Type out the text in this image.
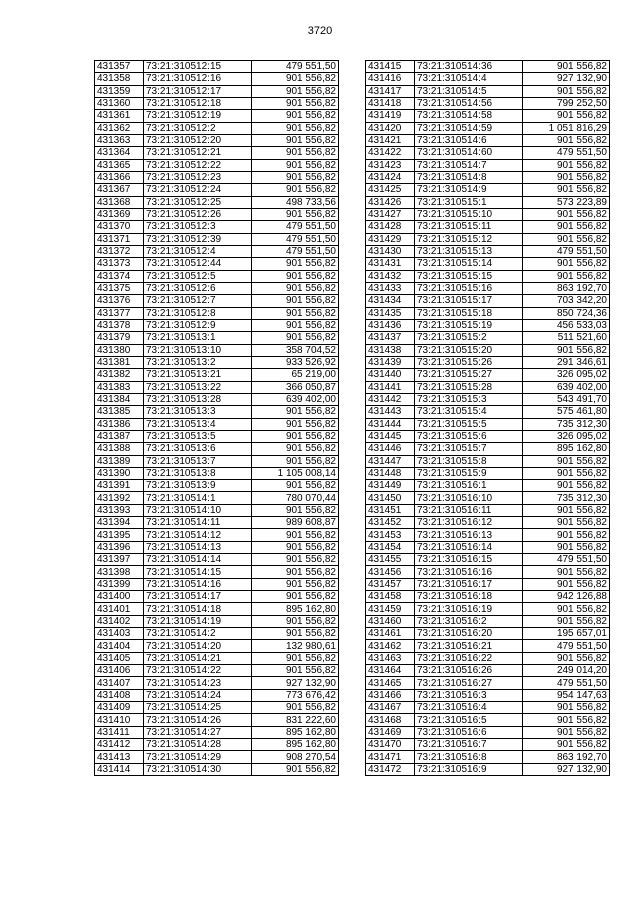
3720
431357	73:21:310512:15	479 551,50
431358	73:21:310512:16	901 556,82
431359	73:21:310512:17	901 556,82
431360	73:21:310512:18	901 556,82
431361	73:21:310512:19	901 556,82
431362	73:21:310512:2	901 556,82
431363	73:21:310512:20	901 556,82
431364	73:21:310512:21	901 556,82
431365	73:21:310512:22	901 556,82
431366	73:21:310512:23	901 556,82
431367	73:21:310512:24	901 556,82
431368	73:21:310512:25	498 733,56
431369	73:21:310512:26	901 556,82
431370	73:21:310512:3	479 551,50
431371	73:21:310512:39	479 551,50
431372	73:21:310512:4	479 551,50
431373	73:21:310512:44	901 556,82
431374	73:21:310512:5	901 556,82
431375	73:21:310512:6	901 556,82
431376	73:21:310512:7	901 556,82
431377	73:21:310512:8	901 556,82
431378	73:21:310512:9	901 556,82
431379	73:21:310513:1	901 556,82
431380	73:21:310513:10	358 704,52
431381	73:21:310513:2	933 526,92
431382	73:21:310513:21	65 219,00
431383	73:21:310513:22	366 050,87
431384	73:21:310513:28	639 402,00
431385	73:21:310513:3	901 556,82
431386	73:21:310513:4	901 556,82
431387	73:21:310513:5	901 556,82
431388	73:21:310513:6	901 556,82
431389	73:21:310513:7	901 556,82
431390	73:21:310513:8	1 105 008,14
431391	73:21:310513:9	901 556,82
431392	73:21:310514:1	780 070,44
431393	73:21:310514:10	901 556,82
431394	73:21:310514:11	989 608,87
431395	73:21:310514:12	901 556,82
431396	73:21:310514:13	901 556,82
431397	73:21:310514:14	901 556,82
431398	73:21:310514:15	901 556,82
431399	73:21:310514:16	901 556,82
431400	73:21:310514:17	901 556,82
431401	73:21:310514:18	895 162,80
431402	73:21:310514:19	901 556,82
431403	73:21:310514:2	901 556,82
431404	73:21:310514:20	132 980,61
431405	73:21:310514:21	901 556,82
431406	73:21:310514:22	901 556,82
431407	73:21:310514:23	927 132,90
431408	73:21:310514:24	773 676,42
431409	73:21:310514:25	901 556,82
431410	73:21:310514:26	831 222,60
431411	73:21:310514:27	895 162,80
431412	73:21:310514:28	895 162,80
431413	73:21:310514:29	908 270,54
431414	73:21:310514:30	901 556,82
431415	73:21:310514:36	901 556,82
431416	73:21:310514:4	927 132,90
431417	73:21:310514:5	901 556,82
431418	73:21:310514:56	799 252,50
431419	73:21:310514:58	901 556,82
431420	73:21:310514:59	1 051 816,29
431421	73:21:310514:6	901 556,82
431422	73:21:310514:60	479 551,50
431423	73:21:310514:7	901 556,82
431424	73:21:310514:8	901 556,82
431425	73:21:310514:9	901 556,82
431426	73:21:310515:1	573 223,89
431427	73:21:310515:10	901 556,82
431428	73:21:310515:11	901 556,82
431429	73:21:310515:12	901 556,82
431430	73:21:310515:13	479 551,50
431431	73:21:310515:14	901 556,82
431432	73:21:310515:15	901 556,82
431433	73:21:310515:16	863 192,70
431434	73:21:310515:17	703 342,20
431435	73:21:310515:18	850 724,36
431436	73:21:310515:19	456 533,03
431437	73:21:310515:2	511 521,60
431438	73:21:310515:20	901 556,82
431439	73:21:310515:26	291 346,61
431440	73:21:310515:27	326 095,02
431441	73:21:310515:28	639 402,00
431442	73:21:310515:3	543 491,70
431443	73:21:310515:4	575 461,80
431444	73:21:310515:5	735 312,30
431445	73:21:310515:6	326 095,02
431446	73:21:310515:7	895 162,80
431447	73:21:310515:8	901 556,82
431448	73:21:310515:9	901 556,82
431449	73:21:310516:1	901 556,82
431450	73:21:310516:10	735 312,30
431451	73:21:310516:11	901 556,82
431452	73:21:310516:12	901 556,82
431453	73:21:310516:13	901 556,82
431454	73:21:310516:14	901 556,82
431455	73:21:310516:15	479 551,50
431456	73:21:310516:16	901 556,82
431457	73:21:310516:17	901 556,82
431458	73:21:310516:18	942 126,88
431459	73:21:310516:19	901 556,82
431460	73:21:310516:2	901 556,82
431461	73:21:310516:20	195 657,01
431462	73:21:310516:21	479 551,50
431463	73:21:310516:22	901 556,82
431464	73:21:310516:26	249 014,20
431465	73:21:310516:27	479 551,50
431466	73:21:310516:3	954 147,63
431467	73:21:310516:4	901 556,82
431468	73:21:310516:5	901 556,82
431469	73:21:310516:6	901 556,82
431470	73:21:310516:7	901 556,82
431471	73:21:310516:8	863 192,70
431472	73:21:310516:9	927 132,90
